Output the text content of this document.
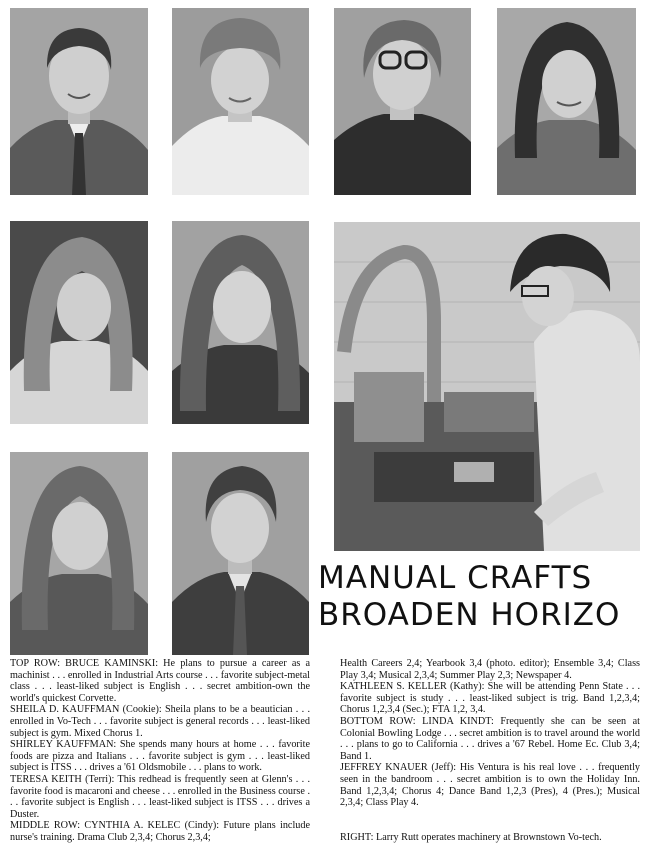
MANUAL CRAFTS
BROADEN HORIZO

TOP ROW: BRUCE KAMINSKI: He plans to pursue a career as a machinist . . . enrolled in Industrial Arts course . . . favorite subject-metal class . . . least-liked subject is English . . . secret ambition-own the world's quickest Corvette.

SHEILA D. KAUFFMAN (Cookie): Sheila plans to be a beautician . . . enrolled in Vo-Tech . . . favorite subject is general records . . . least-liked subject is gym. Mixed Chorus 1.

SHIRLEY KAUFFMAN: She spends many hours at home . . . favorite foods are pizza and Italians . . . favorite subject is gym . . . least-liked subject is ITSS . . . drives a '61 Oldsmobile . . . plans to work.

TERESA KEITH (Terri): This redhead is frequently seen at Glenn's . . . favorite food is macaroni and cheese . . . enrolled in the Business course . . . favorite subject is English . . . least-liked subject is ITSS . . . drives a Duster.

MIDDLE ROW: CYNTHIA A. KELEC (Cindy): Future plans include nurse's training. Drama Club 2,3,4; Chorus 2,3,4;

Health Careers 2,4; Yearbook 3,4 (photo. editor); Ensemble 3,4; Class Play 3,4; Musical 2,3,4; Summer Play 2,3; Newspaper 4.

KATHLEEN S. KELLER (Kathy): She will be attending Penn State . . . favorite subject is study . . . least-liked subject is trig. Band 1,2,3,4; Chorus 1,2,3,4 (Sec.); FTA 1,2, 3,4.

BOTTOM ROW: LINDA KINDT: Frequently she can be seen at Colonial Bowling Lodge . . . secret ambition is to travel around the world . . . plans to go to California . . . drives a '67 Rebel. Home Ec. Club 3,4; Band 1.

JEFFREY KNAUER (Jeff): His Ventura is his real love . . . frequently seen in the bandroom . . . secret ambition is to own the Holiday Inn. Band 1,2,3,4; Chorus 4; Dance Band 1,2,3 (Pres), 4 (Pres.); Musical 2,3,4; Class Play 4.

RIGHT: Larry Rutt operates machinery at Brownstown Vo-tech.
